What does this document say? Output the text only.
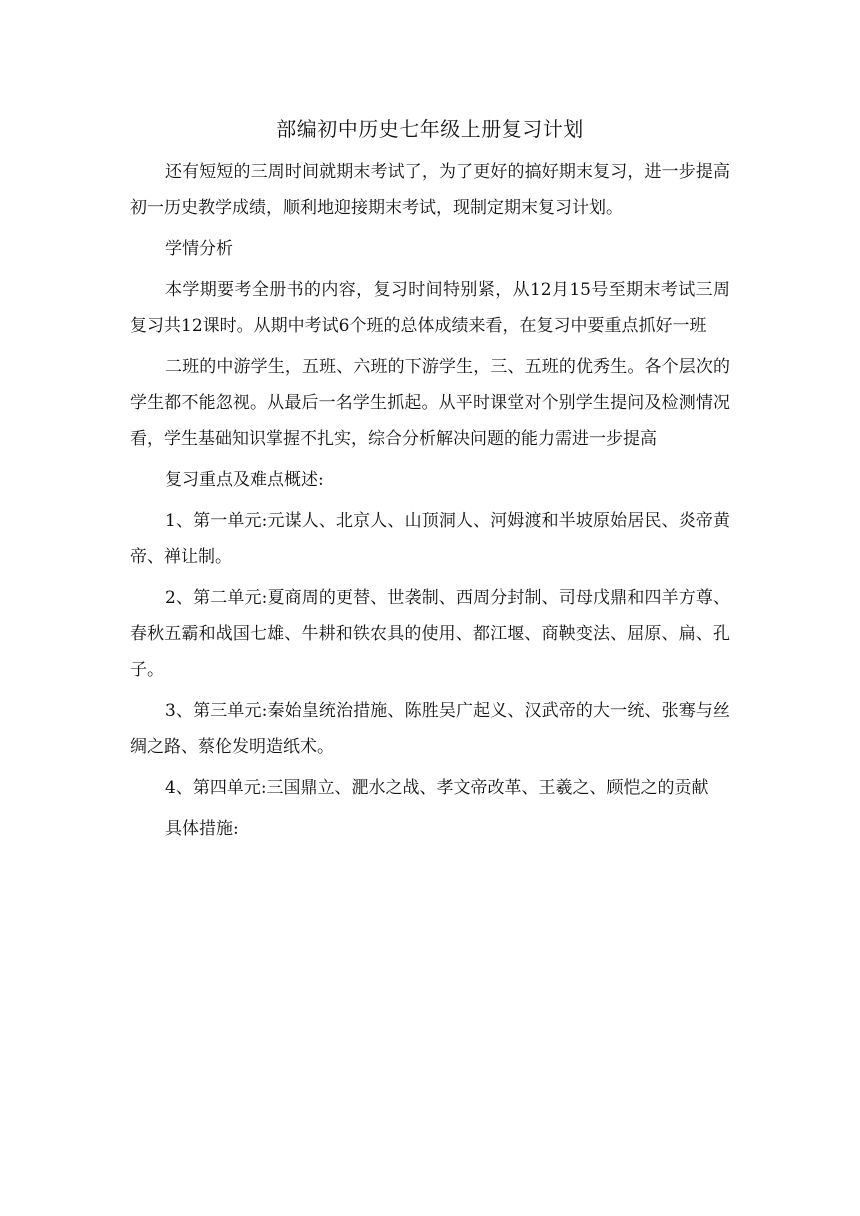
部编初中历史七年级上册复习计划

还有短短的三周时间就期末考试了，为了更好的搞好期末复习，进一步提高初一历史教学成绩，顺利地迎接期末考试，现制定期末复习计划。

学情分析

本学期要考全册书的内容，复习时间特别紧，从12月15号至期末考试三周复习共12课时。从期中考试6个班的总体成绩来看，在复习中要重点抓好一班

二班的中游学生，五班、六班的下游学生，三、五班的优秀生。各个层次的学生都不能忽视。从最后一名学生抓起。从平时课堂对个别学生提问及检测情况看，学生基础知识掌握不扎实，综合分析解决问题的能力需进一步提高

复习重点及难点概述:

1、第一单元:元谋人、北京人、山顶洞人、河姆渡和半坡原始居民、炎帝黄帝、禅让制。

2、第二单元:夏商周的更替、世袭制、西周分封制、司母戊鼎和四羊方尊、春秋五霸和战国七雄、牛耕和铁农具的使用、都江堰、商鞅变法、屈原、扁、孔子。

3、第三单元:秦始皇统治措施、陈胜吴广起义、汉武帝的大一统、张骞与丝绸之路、蔡伦发明造纸术。

4、第四单元:三国鼎立、淝水之战、孝文帝改革、王羲之、顾恺之的贡献

具体措施:
